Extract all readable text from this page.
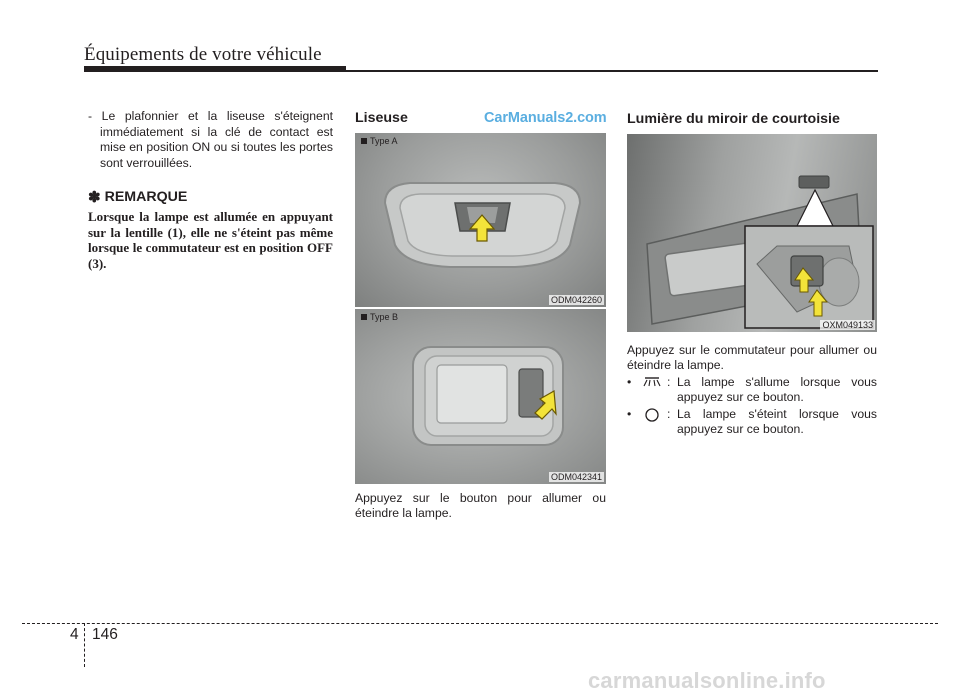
Équipements de votre véhicule
- Le plafonnier et la liseuse s'éteignent immédiatement si la clé de contact est mise en position ON ou si toutes les portes sont verrouillées.
✽ REMARQUE
Lorsque la lampe est allumée en appuyant sur la lentille (1), elle ne s'éteint pas même lorsque le commutateur est en position OFF (3).
Liseuse	CarManuals2.com
Type A
ODM042260
Type B
ODM042341
Appuyez sur le bouton pour allumer ou éteindre la lampe.
Lumière du miroir de courtoisie
OXM049133
Appuyez sur le commutateur pour allumer ou éteindre la lampe.
•	: La lampe s'allume lorsque vous appuyez sur ce bouton.
•	: La lampe s'éteint lorsque vous appuyez sur ce bouton.
4 146
carmanualsonline.info
